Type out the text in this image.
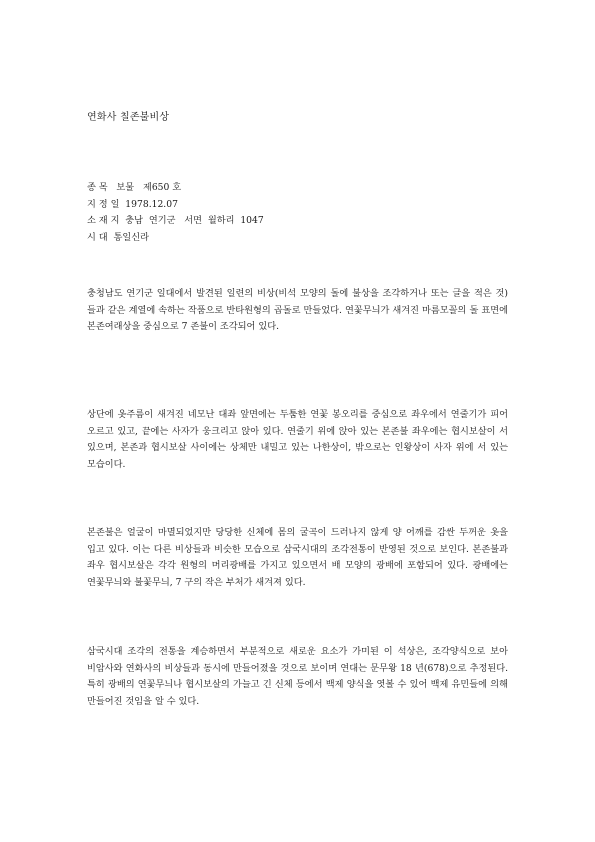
연화사 칠존불비상
종 목   보물   제650 호
지 정 일  1978.12.07
소 재 지  충남  연기군   서면  월하리  1047
시 대  통일신라

충청남도 연기군 일대에서 발견된 일련의 비상(비석 모양의 돌에 불상을 조각하거나 또는 글을 적은 것)들과 같은 계열에 속하는 작품으로 반타원형의 곱돌로 만들었다. 연꽃무늬가 새겨진 마름모꼴의 돌 표면에 본존여래상을 중심으로 7 존불이 조각되어 있다.

상단에 옷주름이 새겨진 네모난 대좌 앞면에는 두툼한 연꽃 봉오리를 중심으로 좌우에서 연줄기가 피어 오르고 있고, 끝에는 사자가 웅크리고 앉아 있다. 연줄기 위에 앉아 있는 본존불 좌우에는 협시보살이 서 있으며, 본존과 협시보살 사이에는 상체만 내밀고 있는 나한상이, 밖으로는 인왕상이 사자 위에 서 있는 모습이다.

본존불은 얼굴이 마멸되었지만 당당한 신체에 몸의 굴곡이 드러나지 않게 양 어깨를 감싼 두꺼운 옷을 입고 있다. 이는 다른 비상들과 비슷한 모습으로 삼국시대의 조각전통이 반영된 것으로 보인다. 본존불과 좌우 협시보살은 각각 원형의 머리광배를 가지고 있으면서 배 모양의 광배에 포함되어 있다. 광배에는 연꽃무늬와 불꽃무늬, 7 구의 작은 부처가 새겨져 있다.

삼국시대 조각의 전통을 계승하면서 부분적으로 새로운 요소가 가미된 이 석상은, 조각양식으로 보아 비암사와 연화사의 비상들과 동시에 만들어졌을 것으로 보이며 연대는 문무왕 18 년(678)으로 추정된다. 특히 광배의 연꽃무늬나 협시보살의 가늘고 긴 신체 등에서 백제 양식을 엿볼 수 있어 백제 유민들에 의해 만들어진 것임을 알 수 있다.
